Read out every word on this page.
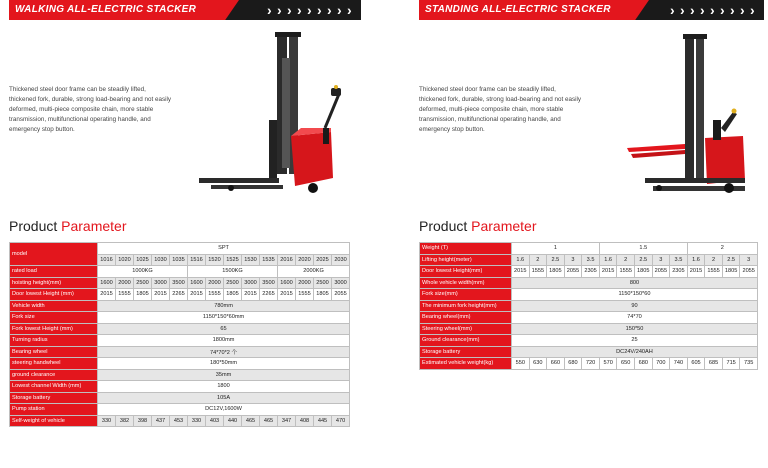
WALKING ALL-ELECTRIC STACKER	› › › › › › › › ›
Thickened steel door frame can be steadily lifted, thickened fork, durable, strong load-bearing and not easily deformed, multi-piece composite chain, more stable transmission, multifunctional operating handle, and emergency stop button.
Product Parameter
model	SPT													
	1016	1020	1025	1030	1035	1516	1520	1525	1530	1535	2016	2020	2025	2030
rated load	1000KG					1500KG					2000KG			
hoisting height(mm)	1600	2000	2500	3000	3500	1600	2000	2500	3000	3500	1600	2000	2500	3000
Door lowest Height (mm)	2015	1555	1805	2015	2265	2015	1555	1805	2015	2265	2015	1555	1805	2055
Vehicle width	780mm													
Fork size	1150*150*60mm													
Fork lowest Height (mm)	65													
Turning radius	1800mm													
Bearing wheel	74*70*2 个													
steering handwheel	180*50mm													
ground clearance	35mm													
Lowest channel Width (mm)	1800													
Storage battery	105A													
Pump station	DC12V,1600W													
Self-weight of vehicle	330	382	398	437	453	330	403	440	465	465	347	408	445	470
STANDING ALL-ELECTRIC STACKER	› › › › › › › › ›
Thickened steel door frame can be steadily lifted, thickened fork, durable, strong load-bearing and not easily deformed, multi-piece composite chain, more stable transmission, multifunctional operating handle, and emergency stop button.
Product Parameter
Weight (T)	1					1.5					2			
Lifting height(meter)	1.6	2	2.5	3	3.5	1.6	2	2.5	3	3.5	1.6	2	2.5	3
Door lowest Height(mm)	2015	1555	1805	2055	2305	2015	1555	1805	2055	2305	2015	1555	1805	2055
Whole vehicle width(mm)	800													
Fork size(mm)	1150*150*60													
The minimum fork height(mm)	90													
Bearing wheel(mm)	74*70													
Steering wheel(mm)	150*50													
Ground clearance(mm)	25													
Storage battery	DC24V/240AH													
Estimated vehicle weight(kg)	550	630	660	680	720	570	650	680	700	740	605	685	715	735
